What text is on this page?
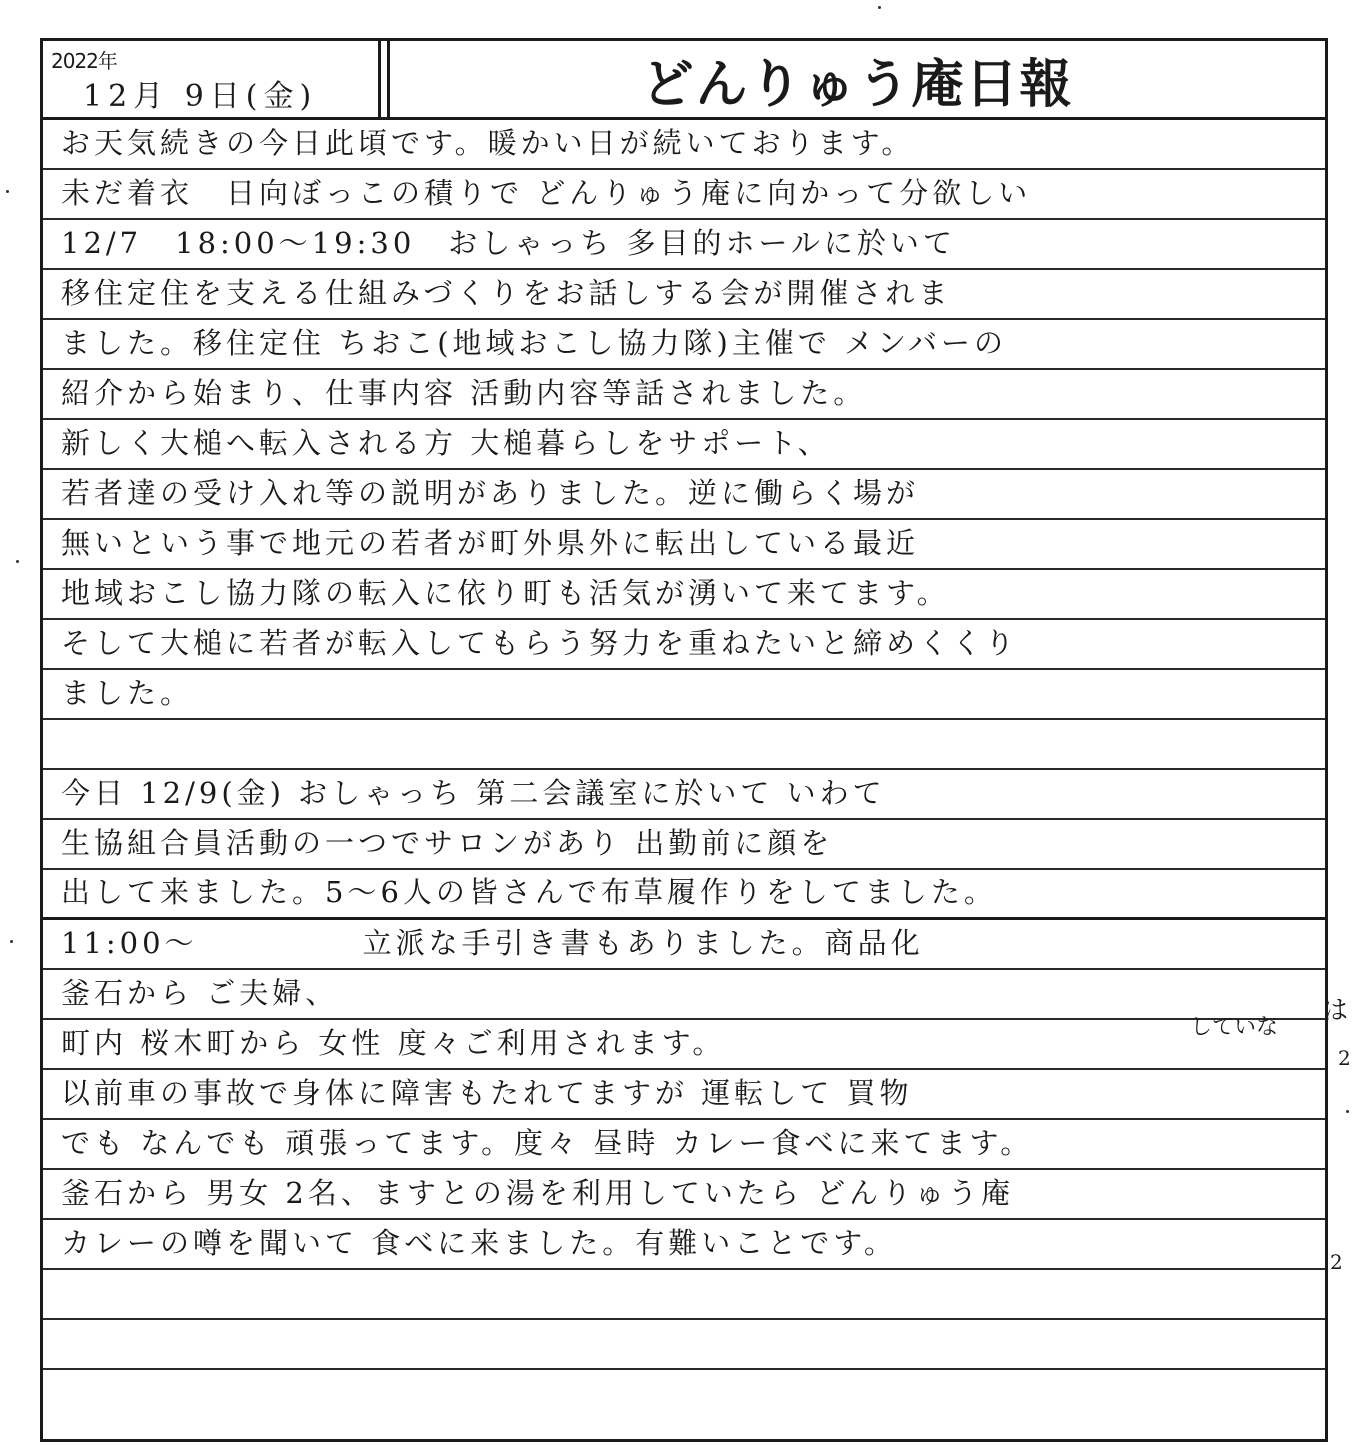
2022年
12月 9日(金)	どんりゅう庵日報
お天気続きの今日此頃です。暖かい日が続いております。
未だ着衣　日向ぼっこの積りで どんりゅう庵に向かって分欲しい
12/7　18:00〜19:30　おしゃっち 多目的ホールに於いて
移住定住を支える仕組みづくりをお話しする会が開催されま
ました。移住定住 ちおこ(地域おこし協力隊)主催で メンバーの
紹介から始まり、仕事内容 活動内容等話されました。
新しく大槌へ転入される方 大槌暮らしをサポート、
若者達の受け入れ等の説明がありました。逆に働らく場が
無いという事で地元の若者が町外県外に転出している最近
地域おこし協力隊の転入に依り町も活気が湧いて来てます。
そして大槌に若者が転入してもらう努力を重ねたいと締めくくり
ました。
今日 12/9(金) おしゃっち 第二会議室に於いて いわて
生協組合員活動の一つでサロンがあり 出勤前に顔を
出して来ました。5〜6人の皆さんで布草履作りをしてました。
11:00〜　　　　　立派な手引き書もありました。商品化
釜石から ご夫婦、
町内 桜木町から 女性 度々ご利用されます。
以前車の事故で身体に障害もたれてますが 運転して 買物
でも なんでも 頑張ってます。度々 昼時 カレー食べに来てます。
釜石から 男女 2名、ますとの湯を利用していたら どんりゅう庵
カレーの噂を聞いて 食べに来ました。有難いことです。
は
していな
2
2
